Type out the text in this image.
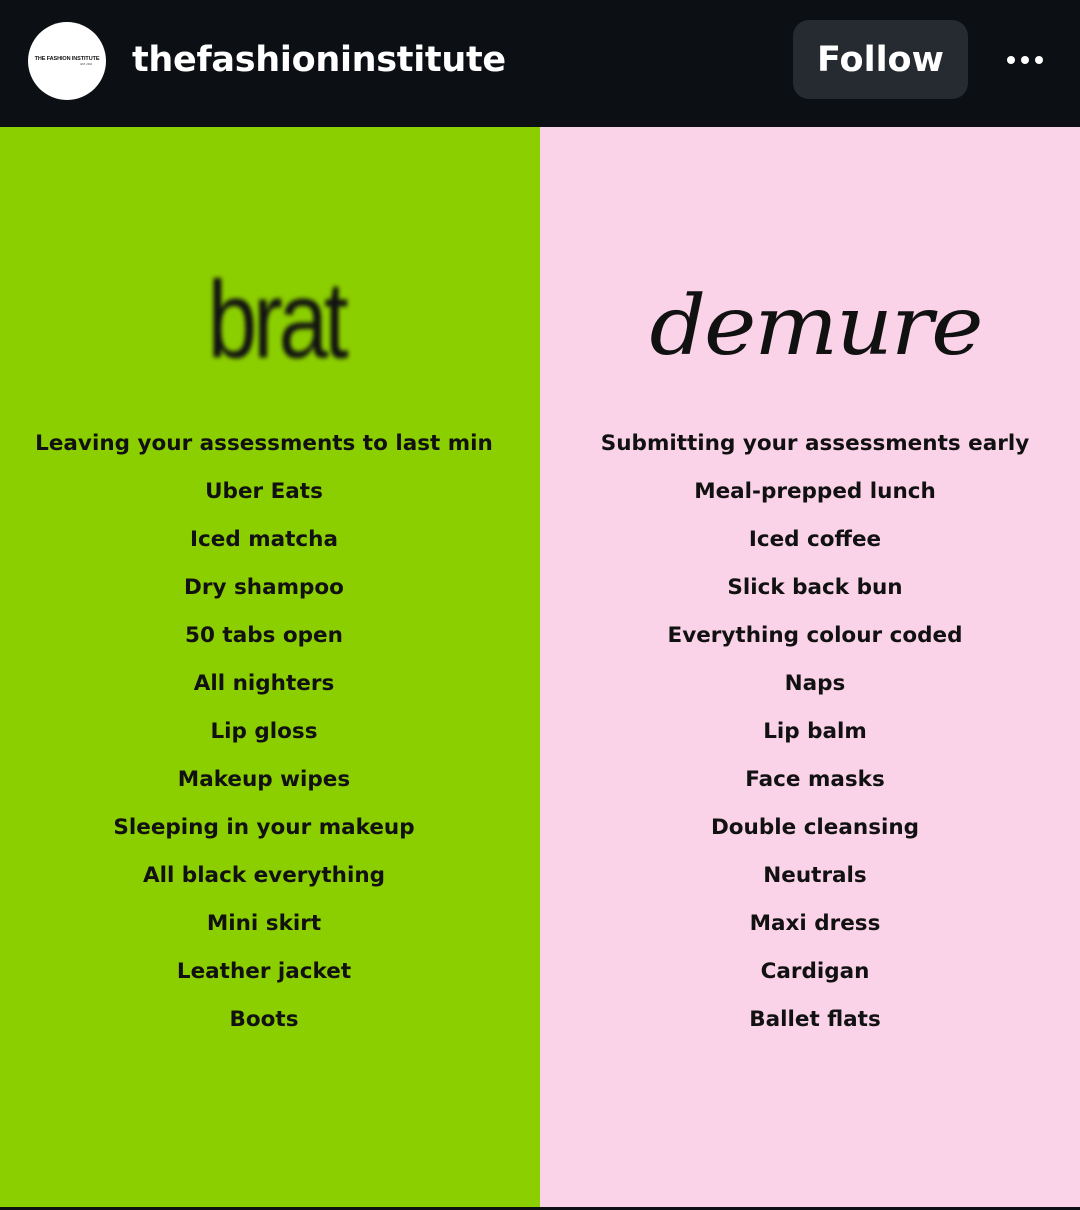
THE FASHION INSTITUTE
EST. 2016 thefashioninstitute	Follow
brat
Leaving your assessments to last min
Uber Eats
Iced matcha
Dry shampoo
50 tabs open
All nighters
Lip gloss
Makeup wipes
Sleeping in your makeup
All black everything
Mini skirt
Leather jacket
Boots
demure
Submitting your assessments early
Meal-prepped lunch
Iced coffee
Slick back bun
Everything colour coded
Naps
Lip balm
Face masks
Double cleansing
Neutrals
Maxi dress
Cardigan
Ballet flats
